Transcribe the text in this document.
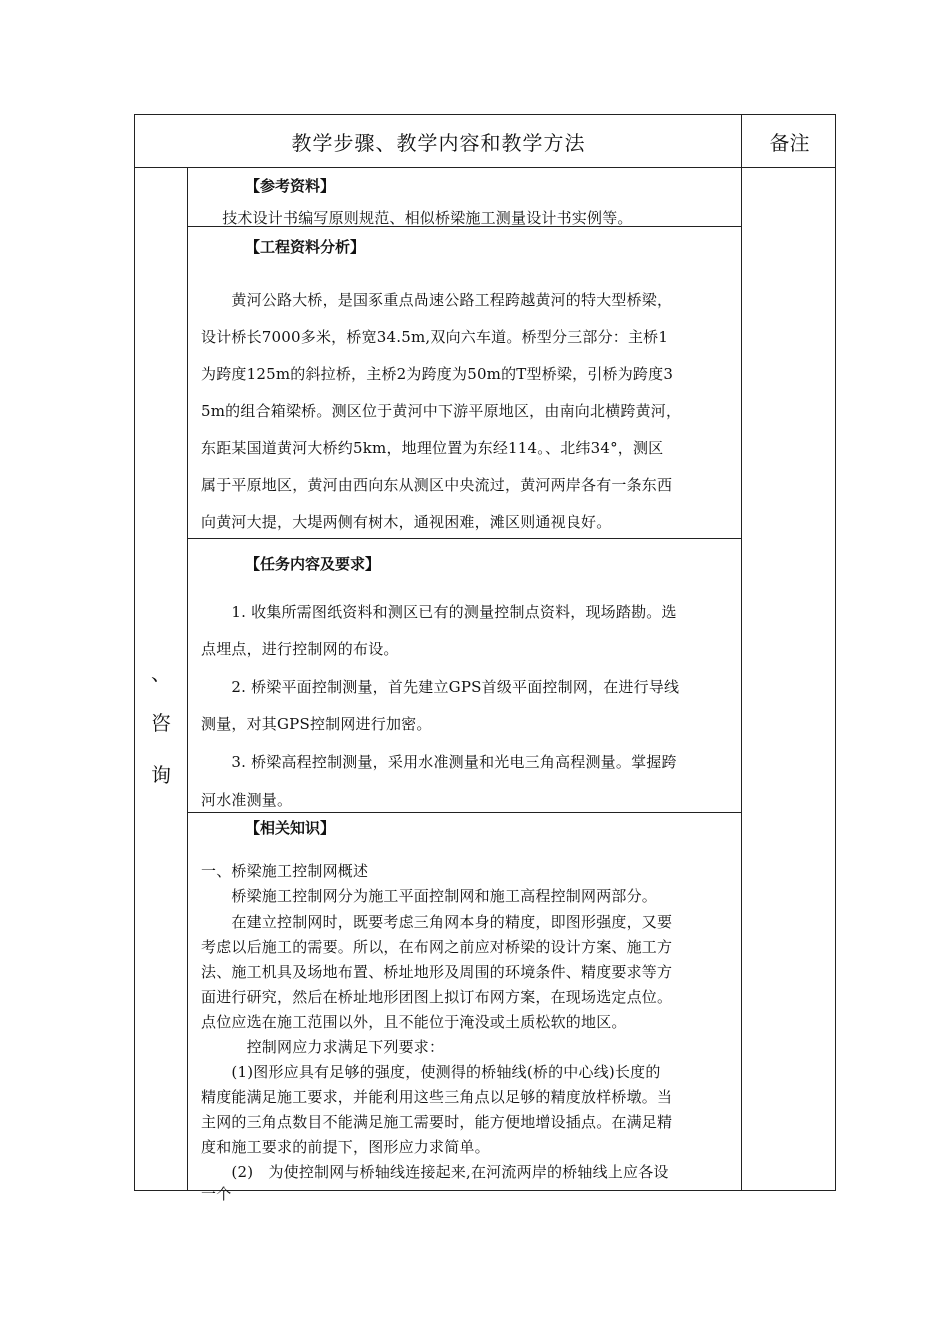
教学步骤、教学内容和教学方法	备注
、
咨
询
【参考资料】
　技术设计书编写原则规范、相似桥梁施工测量设计书实例等。
【工程资料分析】
　　黄河公路大桥，是国豖重点咼速公路工程跨越黄河的特大型桥梁，
设计桥长7000多米，桥宽34.5m,双向六车道。桥型分三部分：主桥1
为跨度125m的斜拉桥，主桥2为跨度为50m的T型桥梁，引桥为跨度3
5m的组合箱梁桥。测区位于黄河中下游平原地区，由南向北横跨黄河，
东距某国道黄河大桥约5km，地理位置为东经114。、北纬34°，测区
属于平原地区，黄河由西向东从测区中央流过，黄河两岸各有一条东西
向黄河大提，大堤两侧有树木，通视困难，滩区则通视良好。
【任务内容及要求】
　　1. 收集所需图纸资料和测区已有的测量控制点资料，现场踏勘。选
点埋点，进行控制网的布设。
　　2. 桥梁平面控制测量，首先建立GPS首级平面控制网，在进行导线
测量，对其GPS控制网进行加密。
　　3. 桥梁高程控制测量，采用水准测量和光电三角高程测量。掌握跨
河水准测量。
【相关知识】
一、桥梁施工控制网概述
　　桥梁施工控制网分为施工平面控制网和施工高程控制网两部分。
　　在建立控制网时，既要考虑三角网本身的精度，即图形强度，又要
考虑以后施工的需要。所以，在布网之前应对桥梁的设计方案、施工方
法、施工机具及场地布置、桥址地形及周围的环境条件、精度要求等方
面进行研究，然后在桥址地形团图上拟订布网方案，在现场选定点位。
点位应选在施工范围以外，且不能位于淹没或土质松软的地区。
　　　控制网应力求满足下列要求：
　　(1)图形应具有足够的强度，使测得的桥轴线(桥的中心线)长度的
精度能满足施工要求，并能利用这些三角点以足够的精度放样桥墩。当
主网的三角点数目不能满足施工需要时，能方便地增设插点。在满足精
度和施工要求的前提下，图形应力求简单。
　　(2)　为使控制网与桥轴线连接起来,在河流两岸的桥轴线上应各设
一个
